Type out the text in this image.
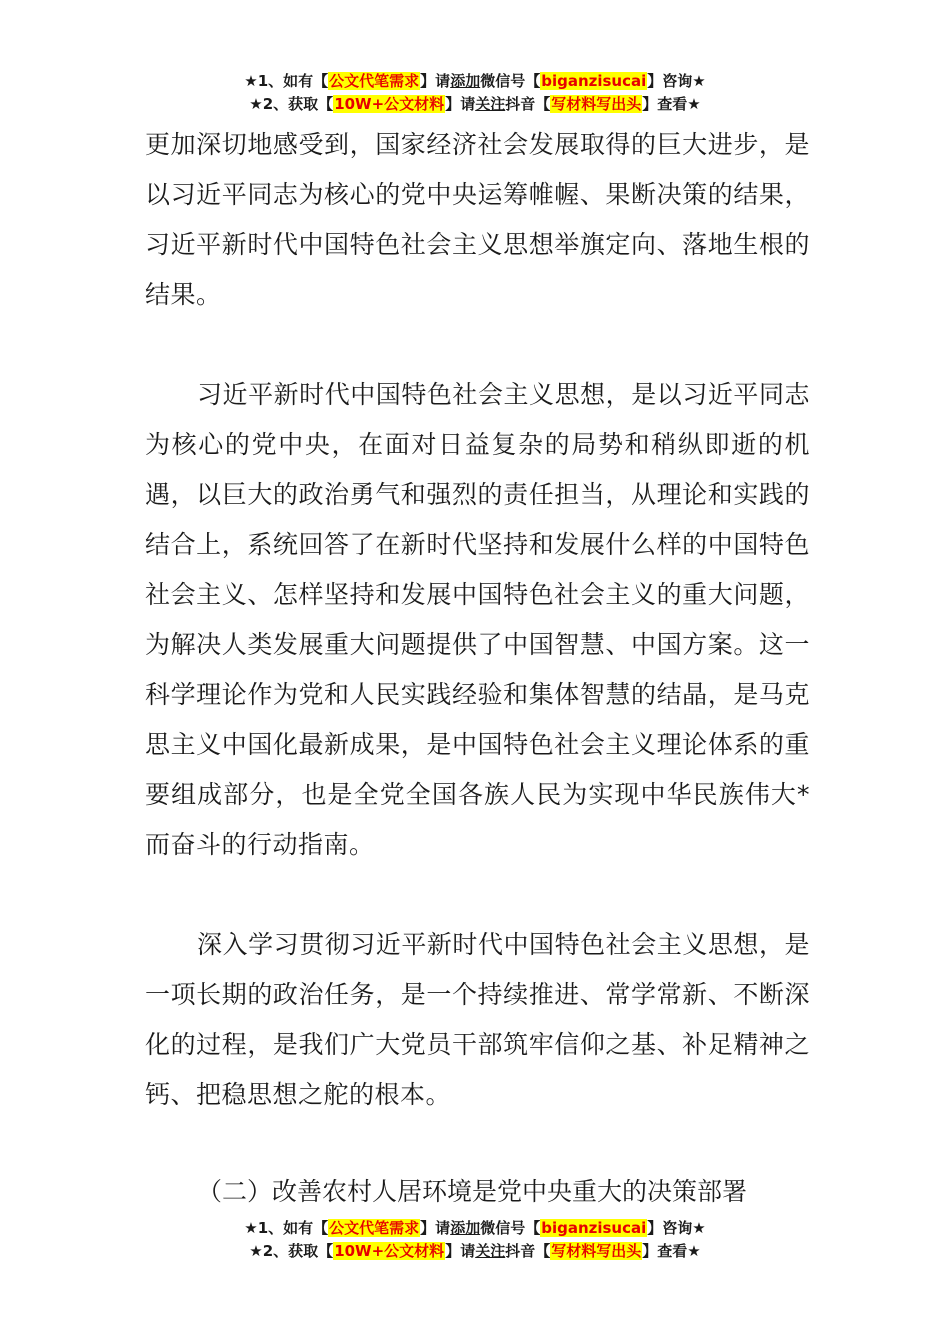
★1、如有【公文代笔需求】请添加微信号【biganzisucai】咨询★
★2、获取【10W+公文材料】请关注抖音【写材料写出头】查看★

更加深切地感受到，国家经济社会发展取得的巨大进步，是以习近平同志为核心的党中央运筹帷幄、果断决策的结果，习近平新时代中国特色社会主义思想举旗定向、落地生根的结果。

习近平新时代中国特色社会主义思想，是以习近平同志为核心的党中央，在面对日益复杂的局势和稍纵即逝的机遇，以巨大的政治勇气和强烈的责任担当，从理论和实践的结合上，系统回答了在新时代坚持和发展什么样的中国特色社会主义、怎样坚持和发展中国特色社会主义的重大问题，为解决人类发展重大问题提供了中国智慧、中国方案。这一科学理论作为党和人民实践经验和集体智慧的结晶，是马克思主义中国化最新成果，是中国特色社会主义理论体系的重要组成部分，也是全党全国各族人民为实现中华民族伟大*而奋斗的行动指南。

深入学习贯彻习近平新时代中国特色社会主义思想，是一项长期的政治任务，是一个持续推进、常学常新、不断深化的过程，是我们广大党员干部筑牢信仰之基、补足精神之钙、把稳思想之舵的根本。

（二）改善农村人居环境是党中央重大的决策部署
★1、如有【公文代笔需求】请添加微信号【biganzisucai】咨询★
★2、获取【10W+公文材料】请关注抖音【写材料写出头】查看★
